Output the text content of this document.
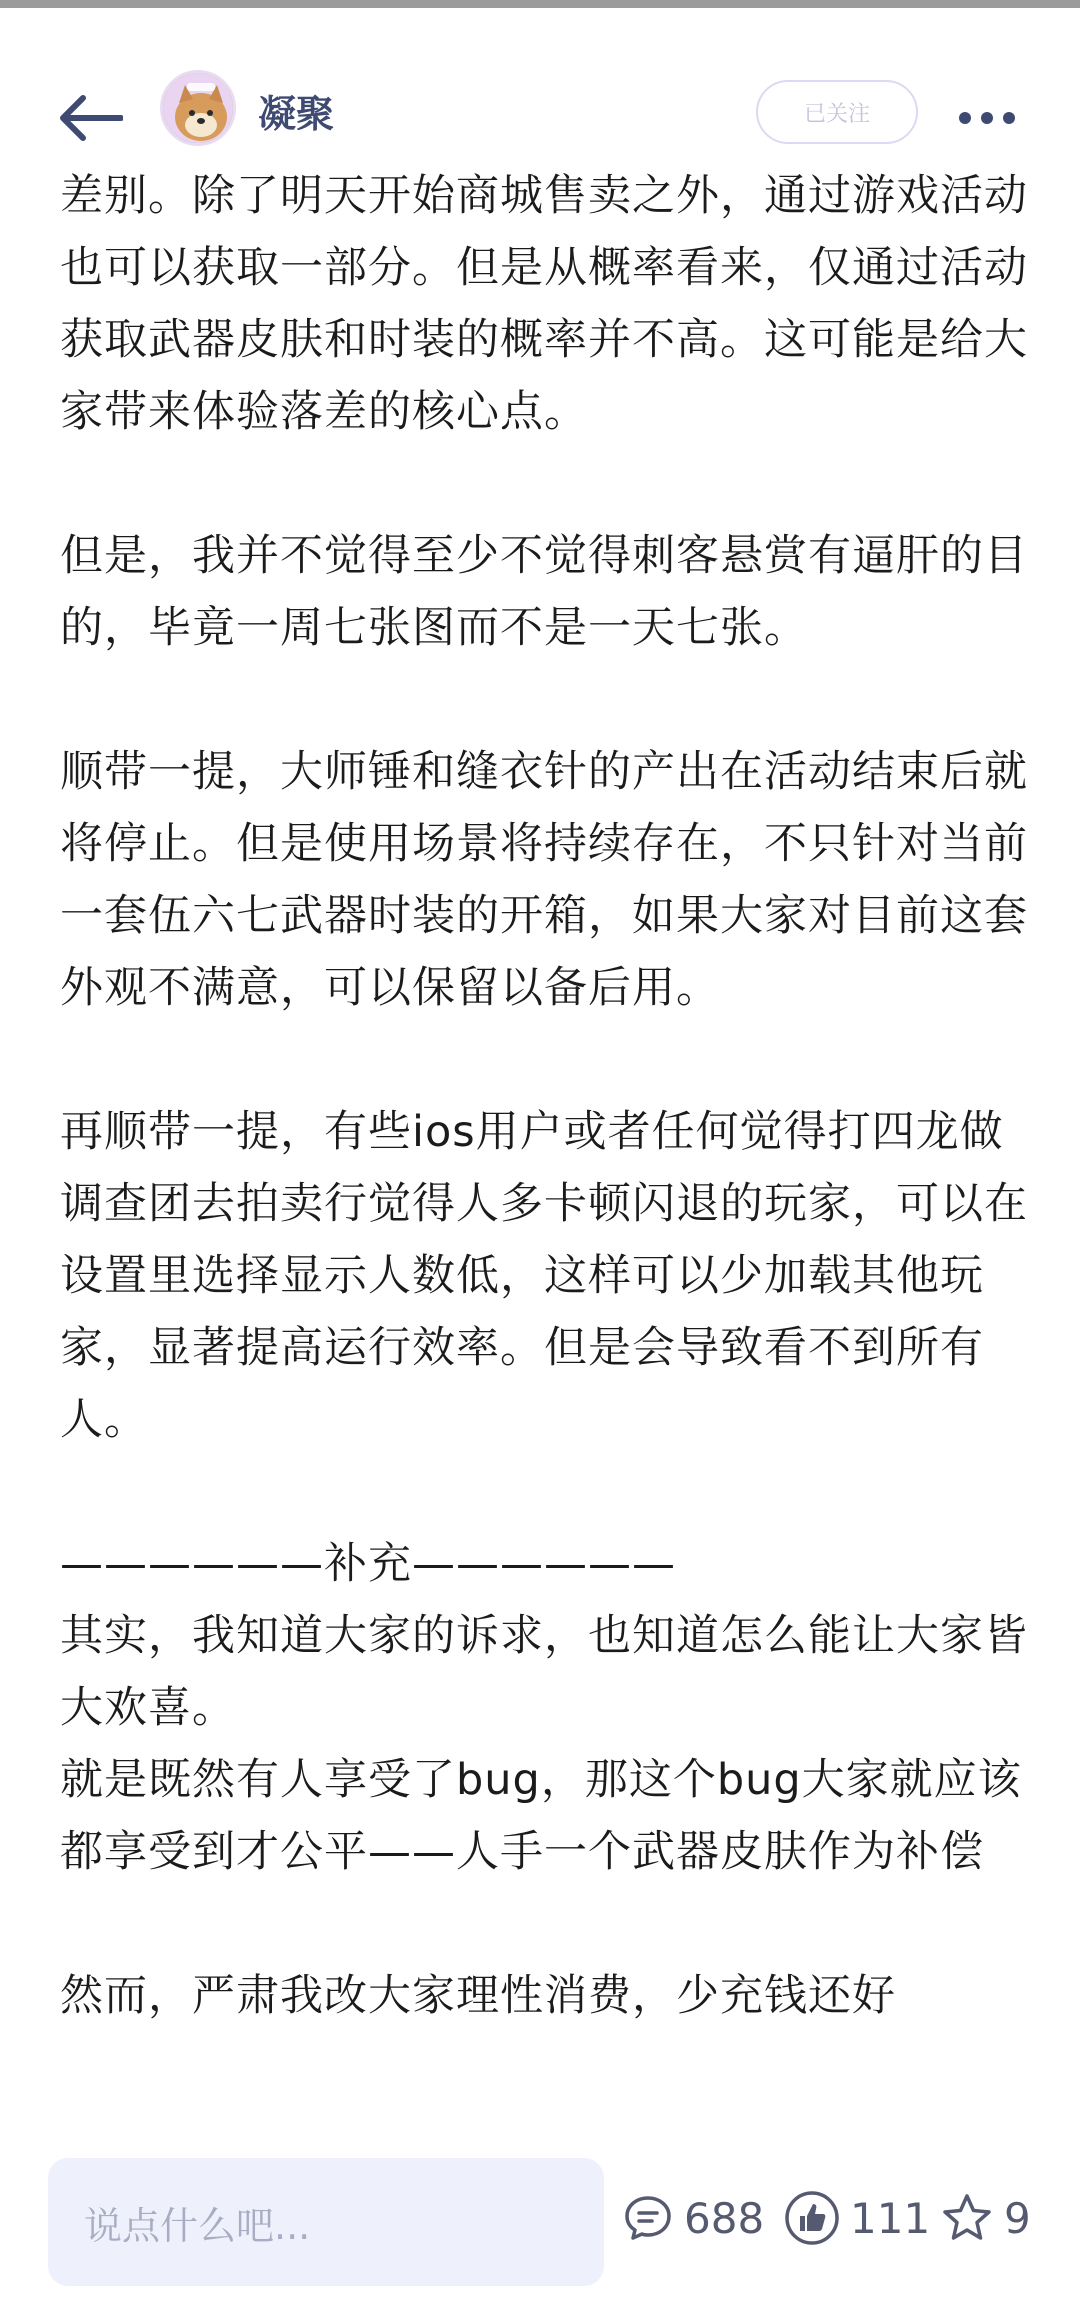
凝聚	已关注

差别。除了明天开始商城售卖之外，通过游戏活动也可以获取一部分。但是从概率看来，仅通过活动获取武器皮肤和时装的概率并不高。这可能是给大家带来体验落差的核心点。

但是，我并不觉得至少不觉得刺客悬赏有逼肝的目的，毕竟一周七张图而不是一天七张。

顺带一提，大师锤和缝衣针的产出在活动结束后就将停止。但是使用场景将持续存在，不只针对当前一套伍六七武器时装的开箱，如果大家对目前这套外观不满意，可以保留以备后用。

再顺带一提，有些ios用户或者任何觉得打四龙做调查团去拍卖行觉得人多卡顿闪退的玩家，可以在设置里选择显示人数低，这样可以少加载其他玩家，显著提高运行效率。但是会导致看不到所有人。

——————补充——————

其实，我知道大家的诉求，也知道怎么能让大家皆大欢喜。

就是既然有人享受了bug，那这个bug大家就应该都享受到才公平——人手一个武器皮肤作为补偿

然而，严肃我改大家理性消费，少充钱还好

说点什么吧...	688 111 9
